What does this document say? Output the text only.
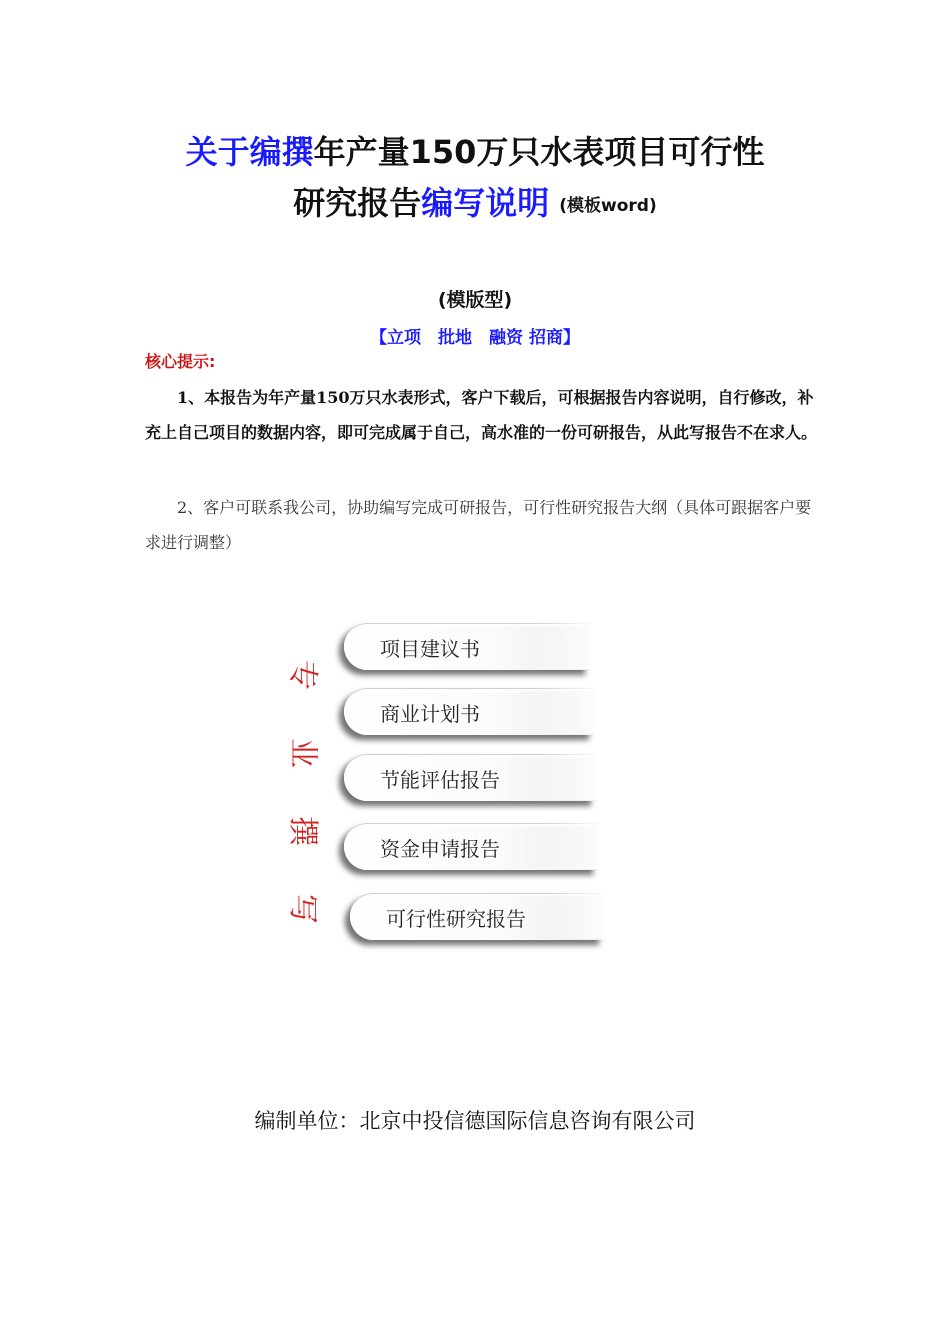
关于编撰年产量150万只水表项目可行性
研究报告编写说明 (模板word)
(模版型)
【立项　批地　融资 招商】
核心提示:

1、本报告为年产量150万只水表形式，客户下载后，可根据报告内容说明，自行修改，补充上自己项目的数据内容，即可完成属于自己，高水准的一份可研报告，从此写报告不在求人。

2、客户可联系我公司，协助编写完成可研报告，可行性研究报告大纲（具体可跟据客户要求进行调整）

专
业
撰
写
项目建议书
商业计划书
节能评估报告
资金申请报告
可行性研究报告
编制单位：北京中投信德国际信息咨询有限公司
